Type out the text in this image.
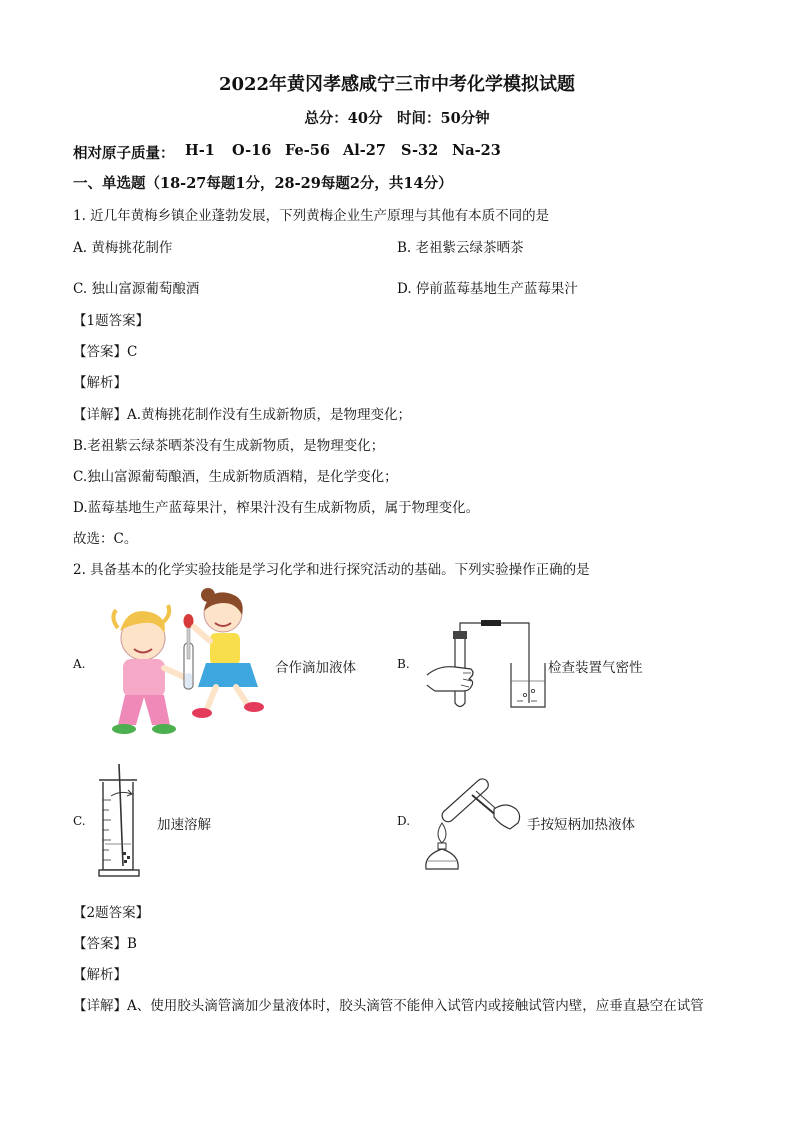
2022年黄冈孝感咸宁三市中考化学模拟试题
总分：40分　时间：50分钟
相对原子质量： H-1 O-16 Fe-56 Al-27 S-32 Na-23
一、单选题（18-27每题1分，28-29每题2分，共14分）
1. 近几年黄梅乡镇企业蓬勃发展，下列黄梅企业生产原理与其他有本质不同的是
A. 黄梅挑花制作	B. 老祖紫云绿茶晒茶
C. 独山富源葡萄酿酒	D. 停前蓝莓基地生产蓝莓果汁
【1题答案】
【答案】C
【解析】
【详解】A.黄梅挑花制作没有生成新物质，是物理变化；
B.老祖紫云绿茶晒茶没有生成新物质，是物理变化；
C.独山富源葡萄酿酒，生成新物质酒精，是化学变化；
D.蓝莓基地生产蓝莓果汁，榨果汁没有生成新物质，属于物理变化。
故选：C。
2. 具备基本的化学实验技能是学习化学和进行探究活动的基础。下列实验操作正确的是
A.	合作滴加液体	B.	检查装置气密性
C.	加速溶解	D.	手按短柄加热液体
【2题答案】
【答案】B
【解析】
【详解】A、使用胶头滴管滴加少量液体时，胶头滴管不能伸入试管内或接触试管内壁，应垂直悬空在试管
